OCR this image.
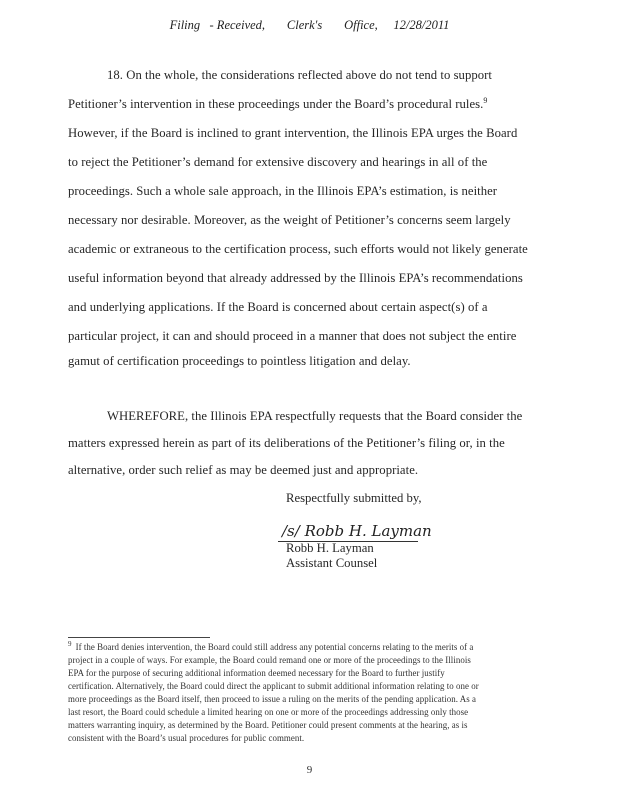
Filing   - Received,       Clerk's       Office,     12/28/2011
18. On the whole, the considerations reflected above do not tend to support
Petitioner’s intervention in these proceedings under the Board’s procedural rules.$^9$
However, if the Board is inclined to grant intervention, the Illinois EPA urges the Board
to reject the Petitioner’s demand for extensive discovery and hearings in all of the
proceedings. Such a whole sale approach, in the Illinois EPA’s estimation, is neither
necessary nor desirable. Moreover, as the weight of Petitioner’s concerns seem largely
academic or extraneous to the certification process, such efforts would not likely generate
useful information beyond that already addressed by the Illinois EPA’s recommendations
and underlying applications. If the Board is concerned about certain aspect(s) of a
particular project, it can and should proceed in a manner that does not subject the entire
gamut of certification proceedings to pointless litigation and delay.
WHEREFORE, the Illinois EPA respectfully requests that the Board consider the
matters expressed herein as part of its deliberations of the Petitioner’s filing or, in the
alternative, order such relief as may be deemed just and appropriate.
Respectfully submitted by,
/s/ Robb H. Layman
Robb H. Layman
Assistant Counsel
$^9$ If the Board denies intervention, the Board could still address any potential concerns relating to the merits of a
project in a couple of ways. For example, the Board could remand one or more of the proceedings to the Illinois
EPA for the purpose of securing additional information deemed necessary for the Board to further justify
certification. Alternatively, the Board could direct the applicant to submit additional information relating to one or
more proceedings as the Board itself, then proceed to issue a ruling on the merits of the pending application. As a
last resort, the Board could schedule a limited hearing on one or more of the proceedings addressing only those
matters warranting inquiry, as determined by the Board. Petitioner could present comments at the hearing, as is
consistent with the Board’s usual procedures for public comment.
9
